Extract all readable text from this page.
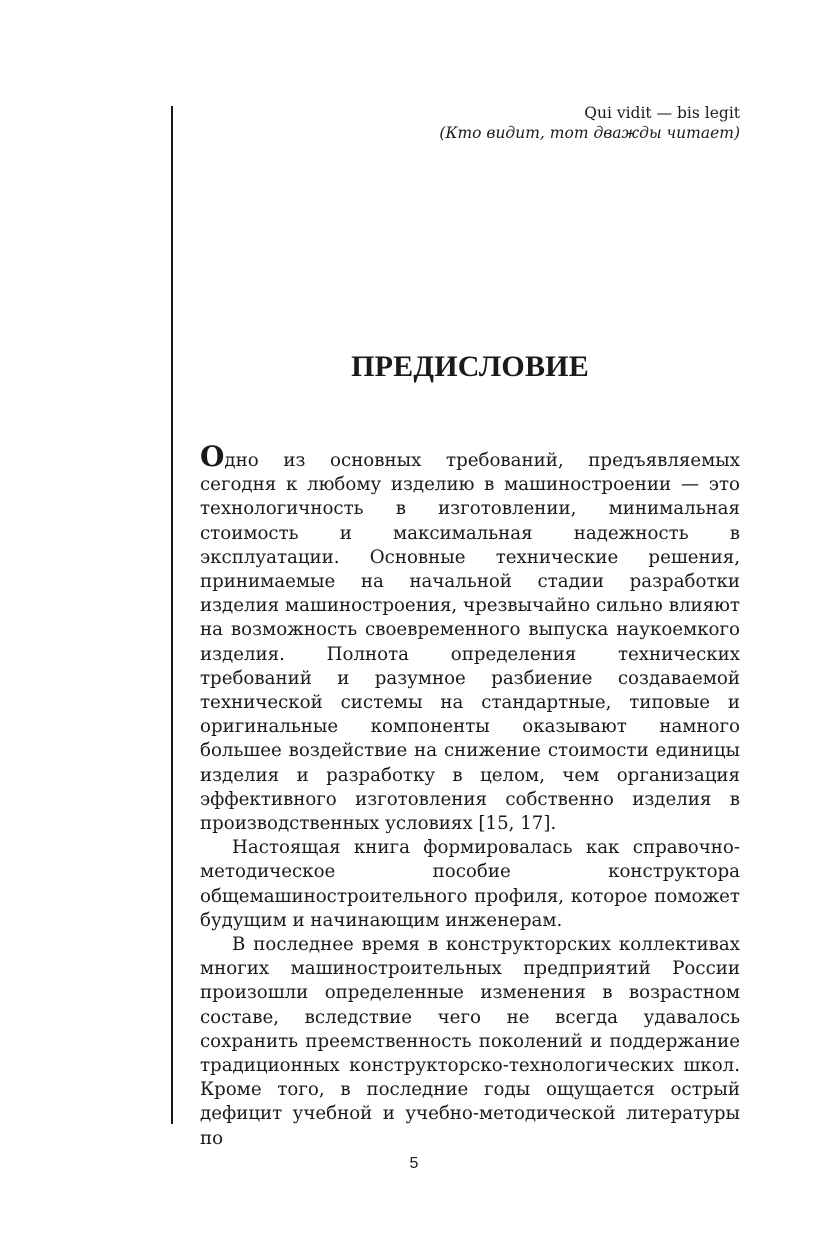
Qui vidit — bis legit
(Кто видит, тот дважды читает)
ПРЕДИСЛОВИЕ

Одно из основных требований, предъявляемых сегодня к любому изделию в машиностроении — это технологичность в изготовлении, минимальная стоимость и максимальная надежность в эксплуатации. Основные технические решения, принимаемые на начальной стадии разработки изделия машиностроения, чрезвычайно сильно влияют на возможность своевременного выпуска наукоемкого изделия. Полнота определения технических требований и разумное разбиение создаваемой технической системы на стандартные, типовые и оригинальные компоненты оказывают намного большее воздействие на снижение стоимости единицы изделия и разработку в целом, чем организация эффективного изготовления собственно изделия в производственных условиях [15, 17].

Настоящая книга формировалась как справочно-методическое пособие конструктора общемашиностроительного профиля, которое поможет будущим и начинающим инженерам.

В последнее время в конструкторских коллективах многих машиностроительных предприятий России произошли определенные изменения в возрастном составе, вследствие чего не всегда удавалось сохранить преемственность поколений и поддержание традиционных конструкторско-технологических школ. Кроме того, в последние годы ощущается острый дефицит учебной и учебно-методической литературы по

5
